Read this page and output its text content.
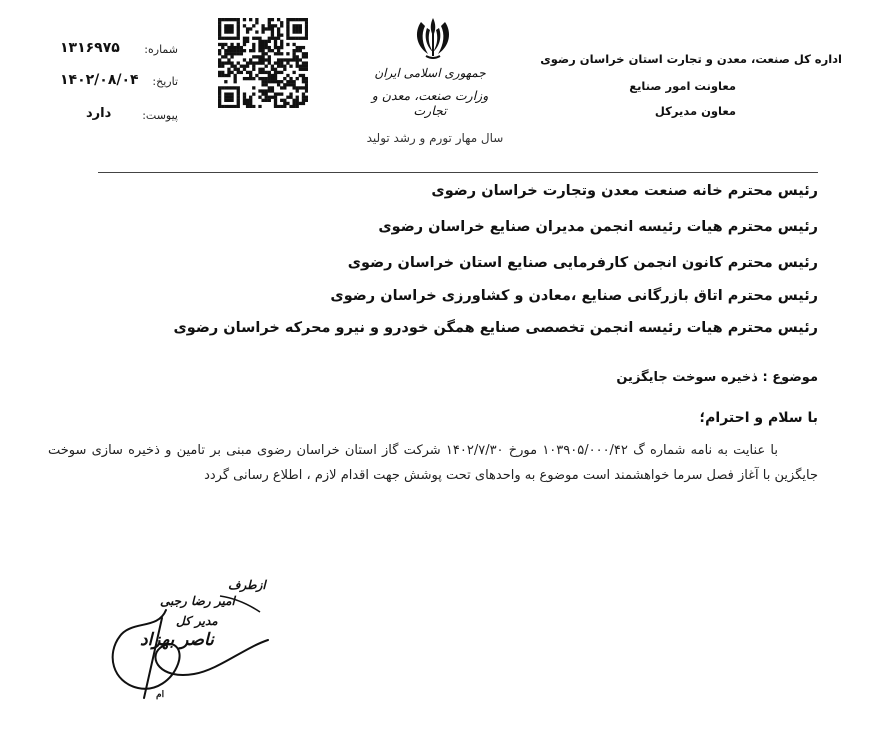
شماره:
۱۳۱۶۹۷۵
تاریخ:
۱۴۰۲/۰۸/۰۴
پیوست:
دارد
جمهوری اسلامی ایران
وزارت صنعت، معدن و تجارت
سال مهار تورم و رشد تولید
اداره کل صنعت، معدن و تجارت استان خراسان رضوی
معاونت امور صنایع
معاون مدیرکل
رئیس محترم خانه صنعت معدن وتجارت خراسان رضوی
رئیس محترم هیات رئیسه انجمن مدیران صنایع خراسان رضوی
رئیس محترم کانون انجمن کارفرمایی صنایع استان خراسان رضوی
رئیس محترم اتاق بازرگانی صنایع ،معادن و کشاورزی خراسان رضوی
رئیس محترم هیات رئیسه انجمن تخصصی صنایع همگن خودرو و نیرو محرکه خراسان رضوی
موضوع : ذخیره سوخت جایگزین
با سلام و احترام؛
با عنایت به نامه شماره گ ۱۰۳۹۰۵/۰۰۰/۴۲ مورخ ۱۴۰۲/۷/۳۰ شرکت گاز استان خراسان رضوی مبنی بر تامین و ذخیره سازی سوخت جایگزین با آغاز فصل سرما خواهشمند است موضوع به واحدهای تحت پوشش جهت اقدام لازم ، اطلاع رسانی گردد
ازطرف
امیر رضا رجبی
مدیر کل
ناصر بهزاد
ام
